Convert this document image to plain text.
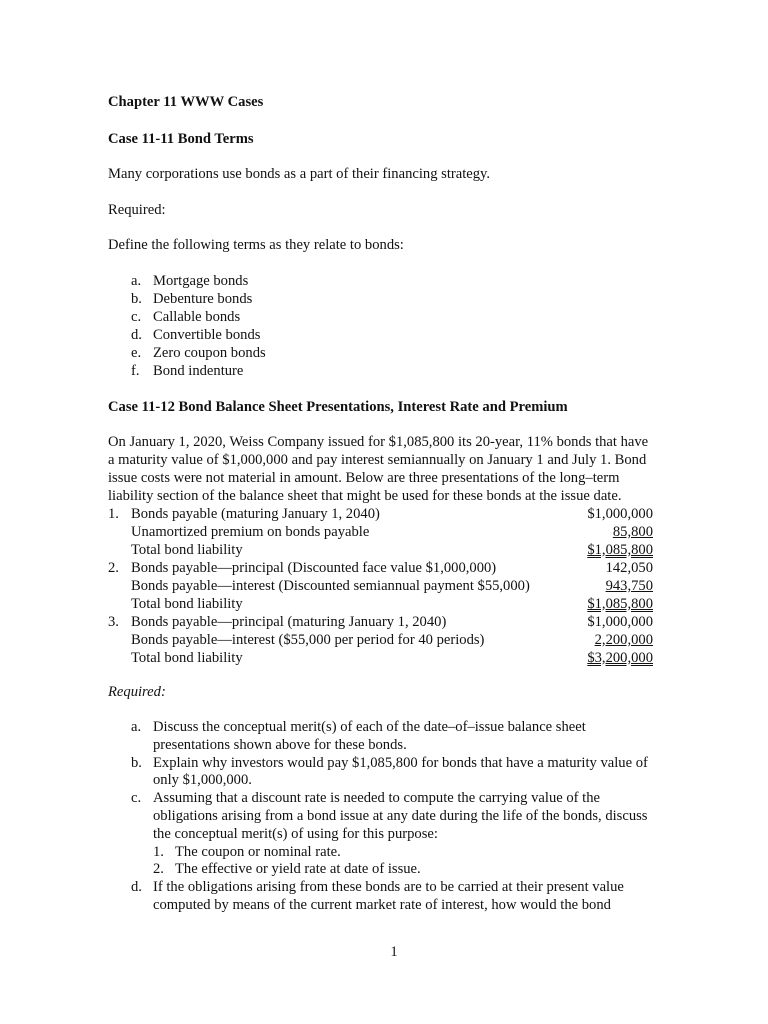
Chapter 11 WWW Cases
Case 11-11 Bond Terms
Many corporations use bonds as a part of their financing strategy.
Required:
Define the following terms as they relate to bonds:
a. Mortgage bonds
b. Debenture bonds
c. Callable bonds
d. Convertible bonds
e. Zero coupon bonds
f. Bond indenture
Case 11-12 Bond Balance Sheet Presentations, Interest Rate and Premium
On January 1, 2020, Weiss Company issued for $1,085,800 its 20-year, 11% bonds that have
a maturity value of $1,000,000 and pay interest semiannually on January 1 and July 1. Bond
issue costs were not material in amount. Below are three presentations of the long–term
liability section of the balance sheet that might be used for these bonds at the issue date.
1. Bonds payable (maturing January 1, 2040)	$1,000,000
Unamortized premium on bonds payable	85,800
Total bond liability	$1,085,800
2. Bonds payable—principal (Discounted face value $1,000,000)	142,050
Bonds payable—interest (Discounted semiannual payment $55,000)	943,750
Total bond liability	$1,085,800
3. Bonds payable—principal (maturing January 1, 2040)	$1,000,000
Bonds payable—interest ($55,000 per period for 40 periods)	2,200,000
Total bond liability	$3,200,000
Required:
a. Discuss the conceptual merit(s) of each of the date–of–issue balance sheet
presentations shown above for these bonds.
b. Explain why investors would pay $1,085,800 for bonds that have a maturity value of
only $1,000,000.
c. Assuming that a discount rate is needed to compute the carrying value of the
obligations arising from a bond issue at any date during the life of the bonds, discuss
the conceptual merit(s) of using for this purpose:
1. The coupon or nominal rate.
2. The effective or yield rate at date of issue.
d. If the obligations arising from these bonds are to be carried at their present value
computed by means of the current market rate of interest, how would the bond
1
